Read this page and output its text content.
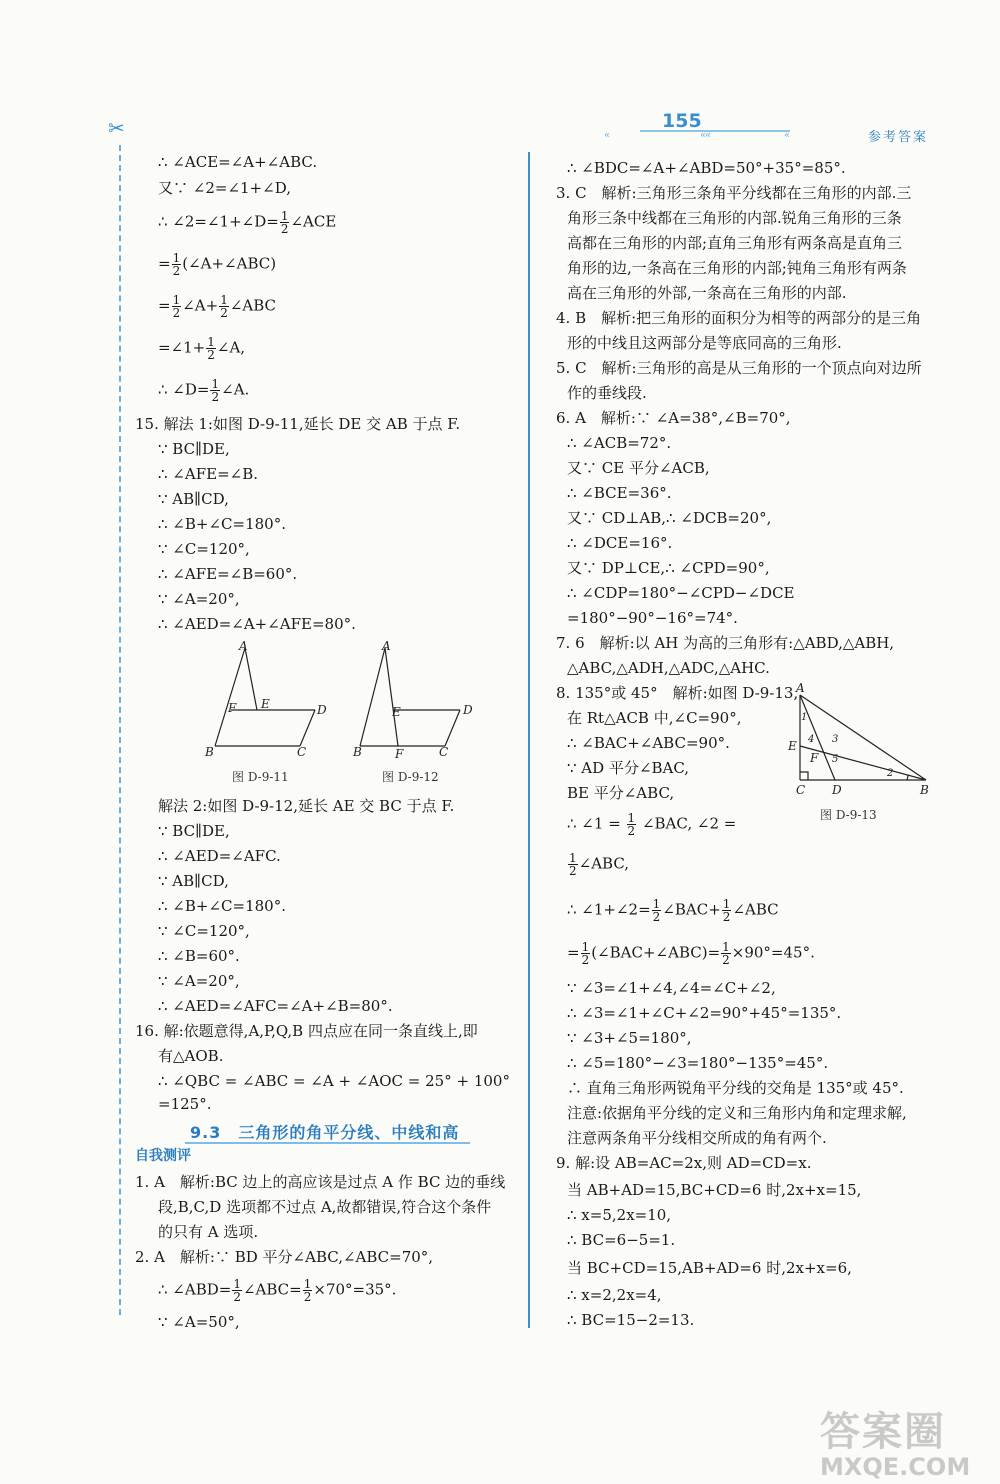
✂	«	««	«
155
参考答案
∴ ∠ACE=∠A+∠ABC.
又∵ ∠2=∠1+∠D,
∴ ∠2=∠1+∠D= $\frac{1}{2}$ ∠ACE
= $\frac{1}{2}$ (∠A+∠ABC)
= $\frac{1}{2}$ ∠A+ $\frac{1}{2}$ ∠ABC
=∠1+ $\frac{1}{2}$ ∠A,
∴ ∠D= $\frac{1}{2}$ ∠A.
15. 解法 1:如图 D-9-11,延长 DE 交 AB 于点 F.
∵ BC∥DE,
∴ ∠AFE=∠B.
∵ AB∥CD,
∴ ∠B+∠C=180°.
∵ ∠C=120°,
∴ ∠AFE=∠B=60°.
∵ ∠A=20°,
∴ ∠AED=∠A+∠AFE=80°.
A
F E	D
B	C
图 D-9-11
A
E	D
B	F	C
图 D-9-12
解法 2:如图 D-9-12,延长 AE 交 BC 于点 F.
∵ BC∥DE,
∴ ∠AED=∠AFC.
∵ AB∥CD,
∴ ∠B+∠C=180°.
∵ ∠C=120°,
∴ ∠B=60°.
∵ ∠A=20°,
∴ ∠AED=∠AFC=∠A+∠B=80°.
16. 解:依题意得,A,P,Q,B 四点应在同一条直线上,即
有△AOB.
∴ ∠QBC = ∠ABC = ∠A + ∠AOC = 25° + 100°
=125°.
9.3　三角形的角平分线、中线和高
自我测评
1. A　解析:BC 边上的高应该是过点 A 作 BC 边的垂线
段,B,C,D 选项都不过点 A,故都错误,符合这个条件
的只有 A 选项.
2. A　解析:∵ BD 平分∠ABC,∠ABC=70°,
∴ ∠ABD= $\frac{1}{2}$ ∠ABC= $\frac{1}{2} \times 70^\circ=35^\circ$.
∵ ∠A=50°,
∴ ∠BDC=∠A+∠ABD=50°+35°=85°.
3. C　解析:三角形三条角平分线都在三角形的内部.三
角形三条中线都在三角形的内部.锐角三角形的三条
高都在三角形的内部;直角三角形有两条高是直角三
角形的边,一条高在三角形的内部;钝角三角形有两条
高在三角形的外部,一条高在三角形的内部.
4. B　解析:把三角形的面积分为相等的两部分的是三角
形的中线且这两部分是等底同高的三角形.
5. C　解析:三角形的高是从三角形的一个顶点向对边所
作的垂线段.
6. A　解析:∵ ∠A=38°,∠B=70°,
∴ ∠ACB=72°.
又∵ CE 平分∠ACB,
∴ ∠BCE=36°.
又∵ CD⊥AB,∴ ∠DCB=20°,
∴ ∠DCE=16°.
又∵ DP⊥CE,∴ ∠CPD=90°,
∴ ∠CDP=180°−∠CPD−∠DCE
=180°−90°−16°=74°.
7. 6　解析:以 AH 为高的三角形有:△ABD,△ABH,
△ABC,△ADH,△ADC,△AHC.
8. 135°或 45°　解析:如图 D-9-13,
在 Rt△ACB 中,∠C=90°,
∴ ∠BAC+∠ABC=90°.
∵ AD 平分∠BAC,
BE 平分∠ABC,
A
1
4 3
E
F 5
2
C D	B
图 D-9-13
∴ ∠1 = $\frac{1}{2}$ ∠BAC, ∠2 =
$\frac{1}{2}$ ∠ABC,
∴ ∠1+∠2= $\frac{1}{2}$ ∠BAC+ $\frac{1}{2}$ ∠ABC
= $\frac{1}{2}$ (∠BAC+∠ABC)= $\frac{1}{2} \times 90^\circ=45^\circ$.
∵ ∠3=∠1+∠4,∠4=∠C+∠2,
∴ ∠3=∠1+∠C+∠2=90°+45°=135°.
∵ ∠3+∠5=180°,
∴ ∠5=180°−∠3=180°−135°=45°.
∴ 直角三角形两锐角平分线的交角是 135°或 45°.
注意:依据角平分线的定义和三角形内角和定理求解,
注意两条角平分线相交所成的角有两个.
9. 解:设 AB=AC=2x,则 AD=CD=x.
当 AB+AD=15,BC+CD=6 时,2x+x=15,
∴ x=5,2x=10,
∴ BC=6−5=1.
当 BC+CD=15,AB+AD=6 时,2x+x=6,
∴ x=2,2x=4,
∴ BC=15−2=13.
答案圈
MXQE.COM
